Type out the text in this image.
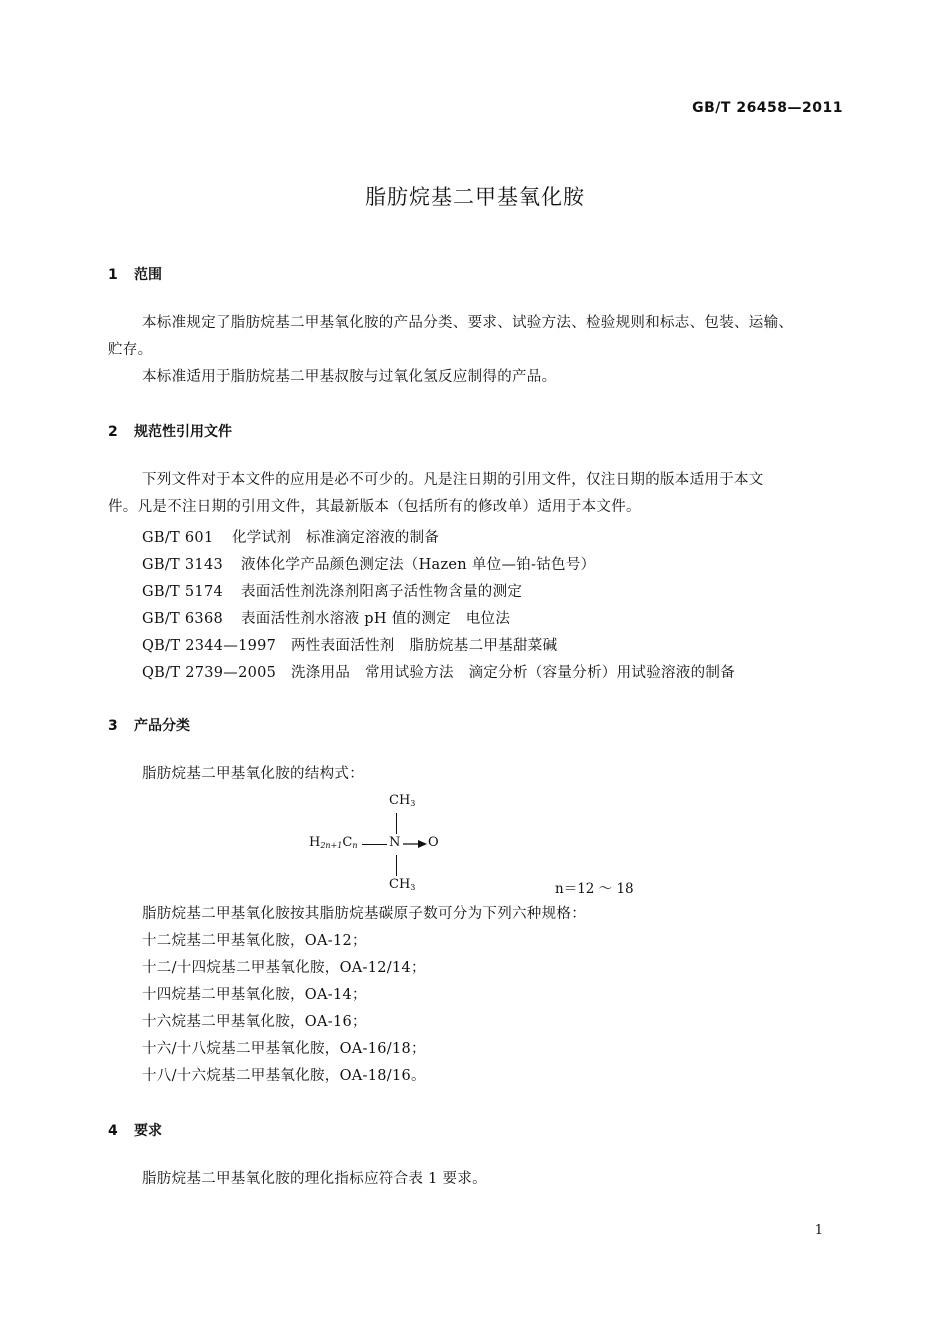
GB/T 26458—2011
脂肪烷基二甲基氧化胺
1 范围
本标准规定了脂肪烷基二甲基氧化胺的产品分类、要求、试验方法、检验规则和标志、包装、运输、
贮存。
本标准适用于脂肪烷基二甲基叔胺与过氧化氢反应制得的产品。
2 规范性引用文件
下列文件对于本文件的应用是必不可少的。凡是注日期的引用文件，仅注日期的版本适用于本文
件。凡是不注日期的引用文件，其最新版本（包括所有的修改单）适用于本文件。
GB/T 601 化学试剂　标准滴定溶液的制备
GB/T 3143 液体化学产品颜色测定法（Hazen 单位—铂-钴色号）
GB/T 5174 表面活性剂洗涤剂阳离子活性物含量的测定
GB/T 6368 表面活性剂水溶液 pH 值的测定　电位法
QB/T 2344—1997 两性表面活性剂　脂肪烷基二甲基甜菜碱
QB/T 2739—2005 洗涤用品　常用试验方法　滴定分析（容量分析）用试验溶液的制备
3 产品分类
脂肪烷基二甲基氧化胺的结构式：
$CH_3$
$H_{2n+1}C_n$ N O
$CH_3$	n＝12 ～ 18
脂肪烷基二甲基氧化胺按其脂肪烷基碳原子数可分为下列六种规格：
十二烷基二甲基氧化胺，OA-12；
十二/十四烷基二甲基氧化胺，OA-12/14；
十四烷基二甲基氧化胺，OA-14；
十六烷基二甲基氧化胺，OA-16；
十六/十八烷基二甲基氧化胺，OA-16/18；
十八/十六烷基二甲基氧化胺，OA-18/16。
4 要求
脂肪烷基二甲基氧化胺的理化指标应符合表 1 要求。
1
